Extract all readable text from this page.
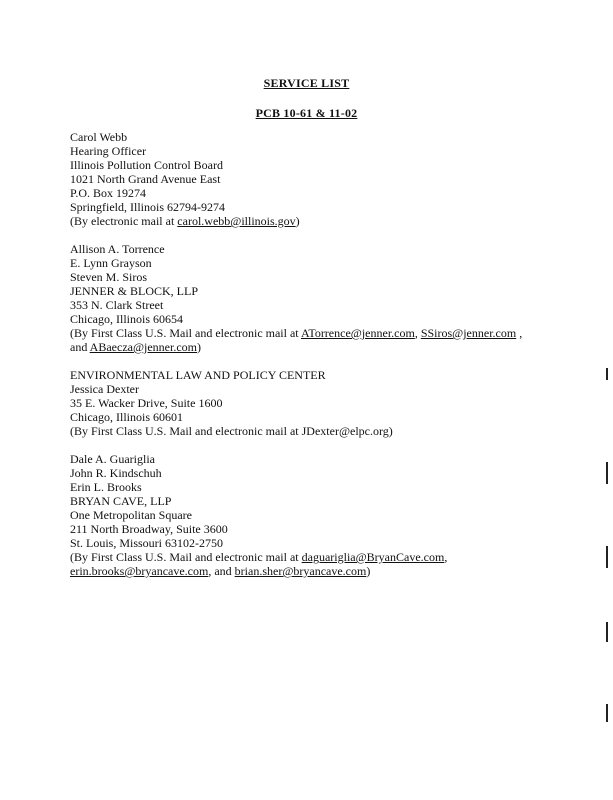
SERVICE LIST
PCB 10-61 & 11-02
Carol Webb
Hearing Officer
Illinois Pollution Control Board
1021 North Grand Avenue East
P.O. Box 19274
Springfield, Illinois 62794-9274
(By electronic mail at carol.webb@illinois.gov)
Allison A. Torrence
E. Lynn Grayson
Steven M. Siros
JENNER & BLOCK, LLP
353 N. Clark Street
Chicago, Illinois 60654
(By First Class U.S. Mail and electronic mail at ATorrence@jenner.com, SSiros@jenner.com ,
and ABaecza@jenner.com)
ENVIRONMENTAL LAW AND POLICY CENTER
Jessica Dexter
35 E. Wacker Drive, Suite 1600
Chicago, Illinois 60601
(By First Class U.S. Mail and electronic mail at JDexter@elpc.org)
Dale A. Guariglia
John R. Kindschuh
Erin L. Brooks
BRYAN CAVE, LLP
One Metropolitan Square
211 North Broadway, Suite 3600
St. Louis, Missouri 63102-2750
(By First Class U.S. Mail and electronic mail at daguariglia@BryanCave.com,
erin.brooks@bryancave.com, and brian.sher@bryancave.com)
